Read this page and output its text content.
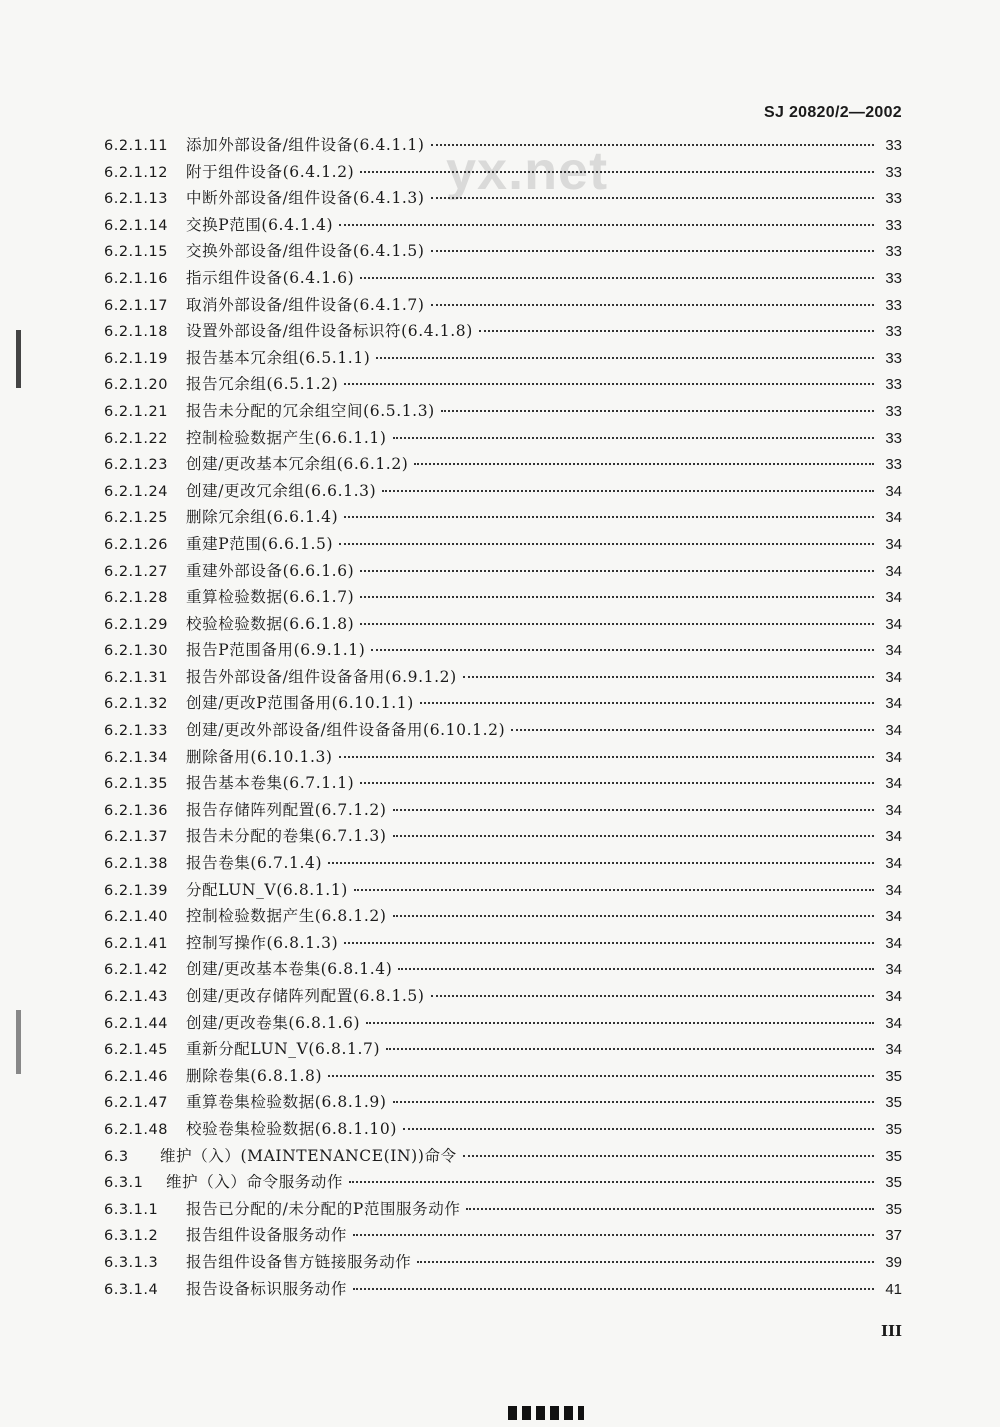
yx.net
SJ 20820/2—2002
6.2.1.11	添加外部设备/组件设备(6.4.1.1)	33
6.2.1.12	附于组件设备(6.4.1.2)	33
6.2.1.13	中断外部设备/组件设备(6.4.1.3)	33
6.2.1.14	交换P范围(6.4.1.4)	33
6.2.1.15	交换外部设备/组件设备(6.4.1.5)	33
6.2.1.16	指示组件设备(6.4.1.6)	33
6.2.1.17	取消外部设备/组件设备(6.4.1.7)	33
6.2.1.18	设置外部设备/组件设备标识符(6.4.1.8)	33
6.2.1.19	报告基本冗余组(6.5.1.1)	33
6.2.1.20	报告冗余组(6.5.1.2)	33
6.2.1.21	报告未分配的冗余组空间(6.5.1.3)	33
6.2.1.22	控制检验数据产生(6.6.1.1)	33
6.2.1.23	创建/更改基本冗余组(6.6.1.2)	33
6.2.1.24	创建/更改冗余组(6.6.1.3)	34
6.2.1.25	删除冗余组(6.6.1.4)	34
6.2.1.26	重建P范围(6.6.1.5)	34
6.2.1.27	重建外部设备(6.6.1.6)	34
6.2.1.28	重算检验数据(6.6.1.7)	34
6.2.1.29	校验检验数据(6.6.1.8)	34
6.2.1.30	报告P范围备用(6.9.1.1)	34
6.2.1.31	报告外部设备/组件设备备用(6.9.1.2)	34
6.2.1.32	创建/更改P范围备用(6.10.1.1)	34
6.2.1.33	创建/更改外部设备/组件设备备用(6.10.1.2)	34
6.2.1.34	删除备用(6.10.1.3)	34
6.2.1.35	报告基本卷集(6.7.1.1)	34
6.2.1.36	报告存储阵列配置(6.7.1.2)	34
6.2.1.37	报告未分配的卷集(6.7.1.3)	34
6.2.1.38	报告卷集(6.7.1.4)	34
6.2.1.39	分配LUN_V(6.8.1.1)	34
6.2.1.40	控制检验数据产生(6.8.1.2)	34
6.2.1.41	控制写操作(6.8.1.3)	34
6.2.1.42	创建/更改基本卷集(6.8.1.4)	34
6.2.1.43	创建/更改存储阵列配置(6.8.1.5)	34
6.2.1.44	创建/更改卷集(6.8.1.6)	34
6.2.1.45	重新分配LUN_V(6.8.1.7)	34
6.2.1.46	删除卷集(6.8.1.8)	35
6.2.1.47	重算卷集检验数据(6.8.1.9)	35
6.2.1.48	校验卷集检验数据(6.8.1.10)	35
6.3	维护（入）(MAINTENANCE(IN))命令	35
6.3.1	维护（入）命令服务动作	35
6.3.1.1	报告已分配的/未分配的P范围服务动作	35
6.3.1.2	报告组件设备服务动作	37
6.3.1.3	报告组件设备售方链接服务动作	39
6.3.1.4	报告设备标识服务动作	41
III
